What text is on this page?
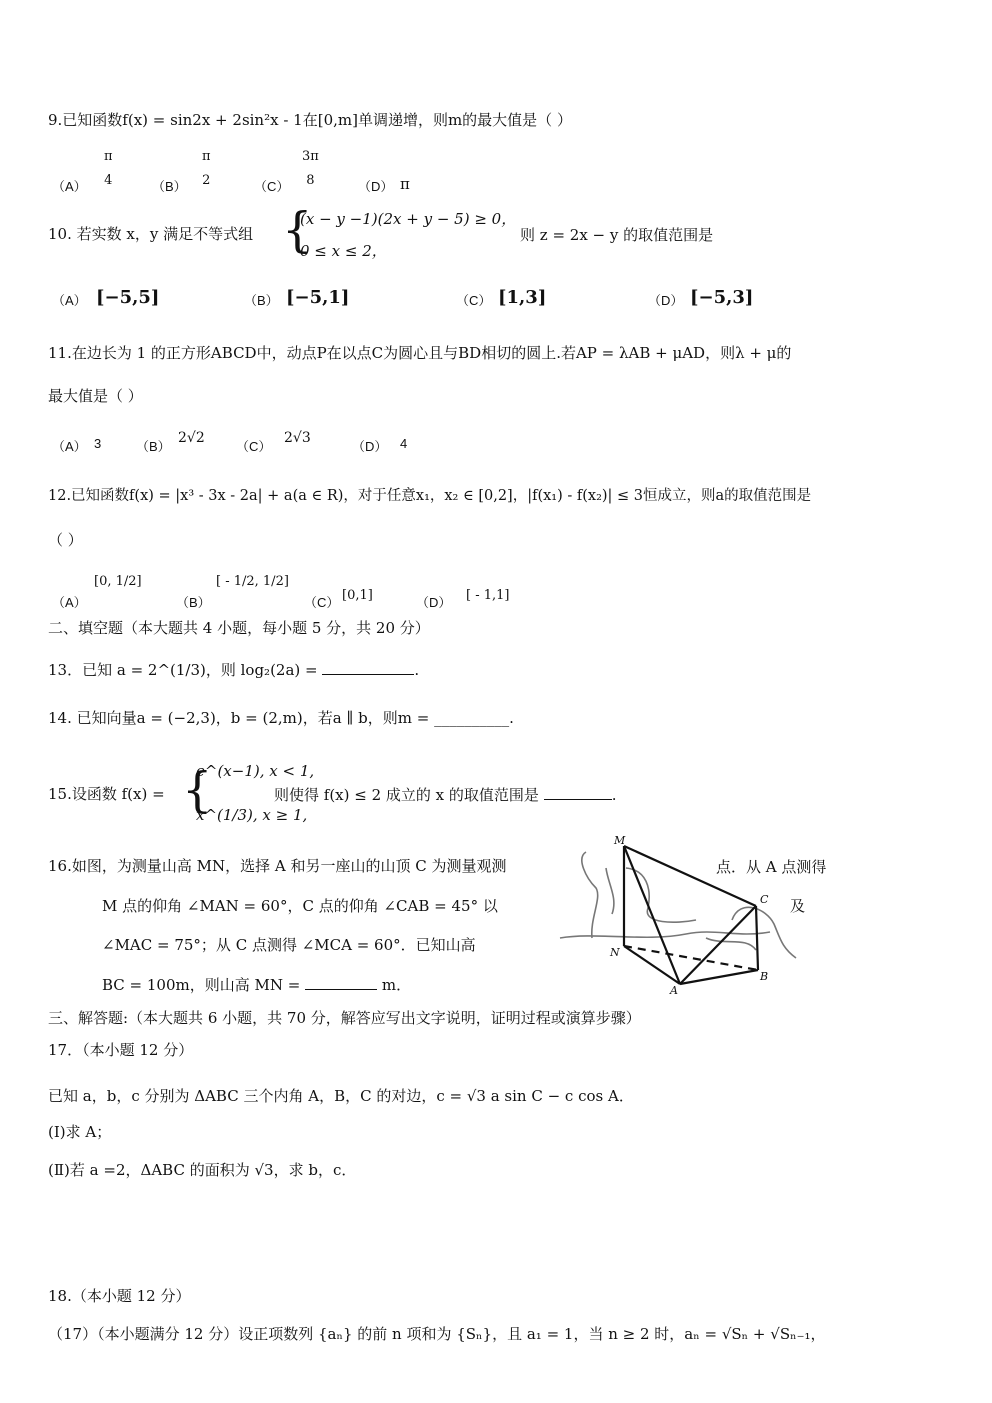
9.已知函数f(x) = sin2x + 2sin²x - 1在[0,m]单调递增，则m的最大值是（ ）
（A）
π
4	（B）
π
2	（C）
3π
8	（D） π
10. 若实数 x，y 满足不等式组 {
(x − y −1)(2x + y − 5) ≥ 0，
0 ≤ x ≤ 2，
则 z = 2x − y 的取值范围是
（A） [−5,5]	（B） [−5,1]	（C） [1,3]	（D） [−5,3]
11.在边长为 1 的正方形ABCD中，动点P在以点C为圆心且与BD相切的圆上.若AP = λAB + μAD，则λ + μ的
最大值是（ ）
（A） 3	（B）
2√2
（C）
2√3
（D） 4
12.已知函数f(x) = |x³ - 3x - 2a| + a(a ∈ R)，对于任意x₁，x₂ ∈ [0,2]，|f(x₁) - f(x₂)| ≤ 3恒成立，则a的取值范围是
（ ）
（A）
[0, 1/2]
（B）
[ - 1/2, 1/2]
（C） [0,1]	（D） [ - 1,1]
二、填空题（本大题共 4 小题，每小题 5 分，共 20 分）
13．已知 a = 2^(1/3)，则 log₂(2a) =	.
14. 已知向量a = (−2,3)，b = (2,m)，若a ∥ b，则m = __________.
15.设函数 f(x) = {
e^(x−1), x < 1,
x^(1/3), x ≥ 1,
则使得 f(x) ≤ 2 成立的 x 的取值范围是	.
16.如图，为测量山高 MN，选择 A 和另一座山的山顶 C 为测量观测	点．从 A 点测得
M 点的仰角 ∠MAN = 60°，C 点的仰角 ∠CAB = 45° 以	及
∠MAC = 75°；从 C 点测得 ∠MCA = 60°．已知山高
BC = 100m，则山高 MN =	m．
M
N
A
B
C
三、解答题:（本大题共 6 小题，共 70 分，解答应写出文字说明，证明过程或演算步骤）
17．（本小题 12 分）
已知 a，b，c 分别为 ΔABC 三个内角 A，B，C 的对边，c = √3 a sin C − c cos A．
(Ⅰ)求 A；
(Ⅱ)若 a =2，ΔABC 的面积为 √3，求 b，c．
18.（本小题 12 分）
（17）（本小题满分 12 分）设正项数列 {aₙ} 的前 n 项和为 {Sₙ}，且 a₁ = 1，当 n ≥ 2 时，aₙ = √Sₙ + √Sₙ₋₁，
